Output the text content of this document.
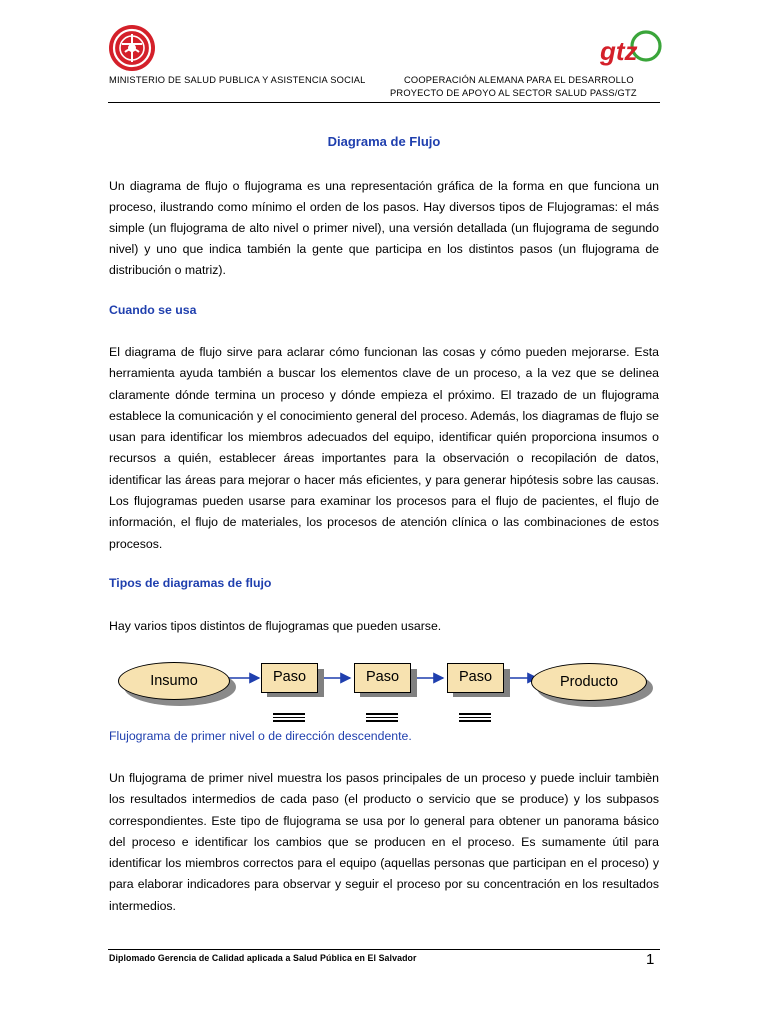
gtz
MINISTERIO DE SALUD PUBLICA Y ASISTENCIA SOCIAL	COOPERACIÓN ALEMANA PARA EL DESARROLLO
PROYECTO DE APOYO AL SECTOR SALUD PASS/GTZ
Diagrama de Flujo
Un diagrama de flujo o flujograma es una representación gráfica de la forma en que funciona un proceso, ilustrando como mínimo el orden de los pasos. Hay diversos tipos de Flujogramas: el más simple (un flujograma de alto nivel o primer nivel), una versión detallada (un flujograma de segundo nivel) y uno que indica también la gente que participa en los distintos pasos (un flujograma de distribución o matriz).
Cuando se usa
El diagrama de flujo sirve para aclarar cómo funcionan las cosas y cómo pueden mejorarse. Esta herramienta ayuda también a buscar los elementos clave de un proceso, a la vez que se delinea claramente dónde termina un proceso y dónde empieza el próximo. El trazado de un flujograma establece la comunicación y el conocimiento general del proceso. Además, los diagramas de flujo se usan para identificar los miembros adecuados del equipo, identificar quién proporciona insumos o recursos a quién, establecer áreas importantes para la observación o recopilación de datos, identificar las áreas para mejorar o hacer más eficientes, y para generar hipótesis sobre las causas. Los flujogramas pueden usarse para examinar los procesos para el flujo de pacientes, el flujo de información, el flujo de materiales, los procesos de atención clínica o las combinaciones de estos procesos.
Tipos de diagramas de flujo
Hay varios tipos distintos de flujogramas que pueden usarse.
Insumo	Paso	Paso	Paso	Producto
Flujograma de primer nivel o de dirección descendente.
Un flujograma de primer nivel muestra los pasos principales de un proceso y puede incluir tambièn los resultados intermedios de cada paso (el producto o servicio que se produce) y los subpasos correspondientes. Este tipo de flujograma se usa por lo general para obtener un panorama básico del proceso e identificar los cambios que se producen en el proceso. Es sumamente útil para identificar los miembros correctos para el equipo (aquellas personas que participan en el proceso) y para elaborar indicadores para observar y seguir el proceso por su concentración en los resultados intermedios.
Diplomado Gerencia de Calidad aplicada a Salud Pública en El Salvador	1
